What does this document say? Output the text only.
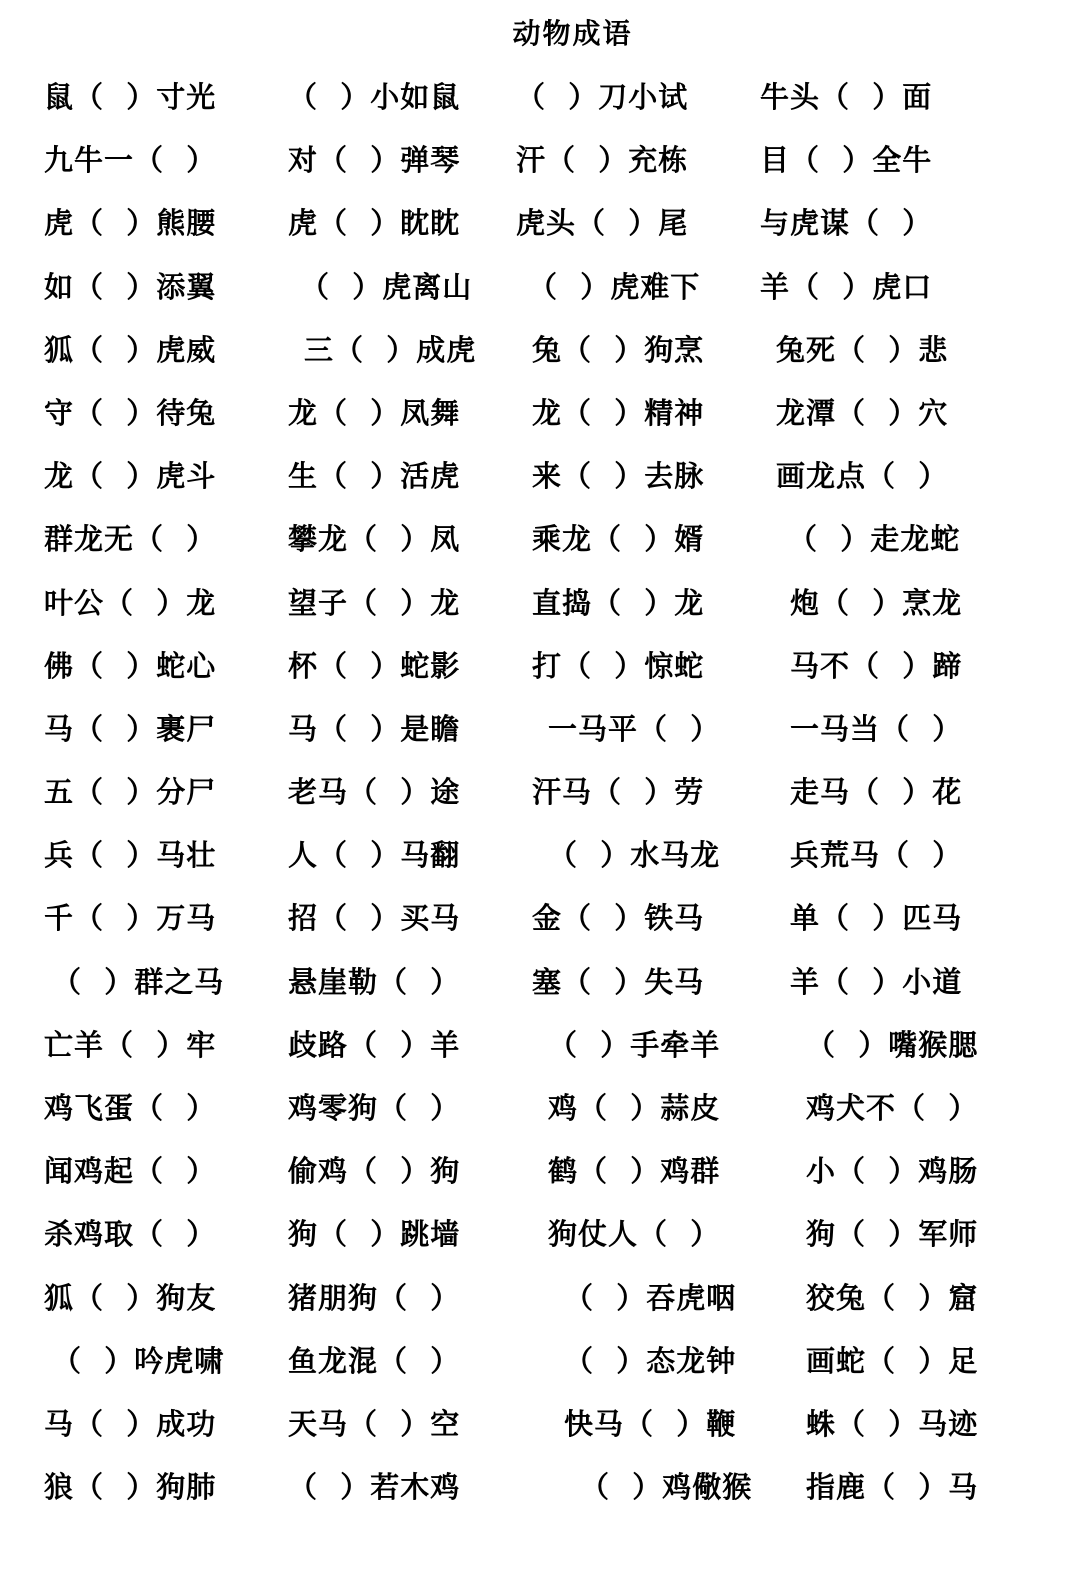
动物成语
鼠（  ）寸光 （  ）小如鼠 （  ）刀小试 牛头（  ）面
九牛一（  ） 对（  ）弹琴 汗（  ）充栋 目（  ）全牛
虎（  ）熊腰 虎（  ）眈眈 虎头（  ）尾 与虎谋（  ）
如（  ）添翼	（  ）虎离山 （  ）虎难下 羊（  ）虎口
狐（  ）虎威	三（  ）成虎 兔（  ）狗烹 兔死（  ）悲
守（  ）待兔 龙（  ）凤舞 龙（  ）精神 龙潭（  ）穴
龙（  ）虎斗 生（  ）活虎 来（  ）去脉 画龙点（  ）
群龙无（  ） 攀龙（  ）凤 乘龙（  ）婿	（  ）走龙蛇
叶公（  ）龙 望子（  ）龙 直捣（  ）龙	炮（  ）烹龙
佛（  ）蛇心 杯（  ）蛇影 打（  ）惊蛇	马不（  ）蹄
马（  ）裹尸 马（  ）是瞻	一马平（  ） 一马当（  ）
五（  ）分尸 老马（  ）途 汗马（  ）劳	走马（  ）花
兵（  ）马壮 人（  ）马翻	（  ）水马龙 兵荒马（  ）
千（  ）万马 招（  ）买马 金（  ）铁马	单（  ）匹马
（  ）群之马 悬崖勒（  ） 塞（  ）失马	羊（  ）小道
亡羊（  ）牢 歧路（  ）羊	（  ）手牵羊	（  ）嘴猴腮
鸡飞蛋（  ） 鸡零狗（  ）	鸡（  ）蒜皮	鸡犬不（  ）
闻鸡起（  ） 偷鸡（  ）狗	鹤（  ）鸡群	小（  ）鸡肠
杀鸡取（  ） 狗（  ）跳墙	狗仗人（  ）	狗（  ）军师
狐（  ）狗友 猪朋狗（  ）	（  ）吞虎咽 狡兔（  ）窟
（  ）吟虎啸 鱼龙混（  ）	（  ）态龙钟 画蛇（  ）足
马（  ）成功 天马（  ）空	快马（  ）鞭 蛛（  ）马迹
狼（  ）狗肺 （  ）若木鸡	（  ）鸡儆猴 指鹿（  ）马
